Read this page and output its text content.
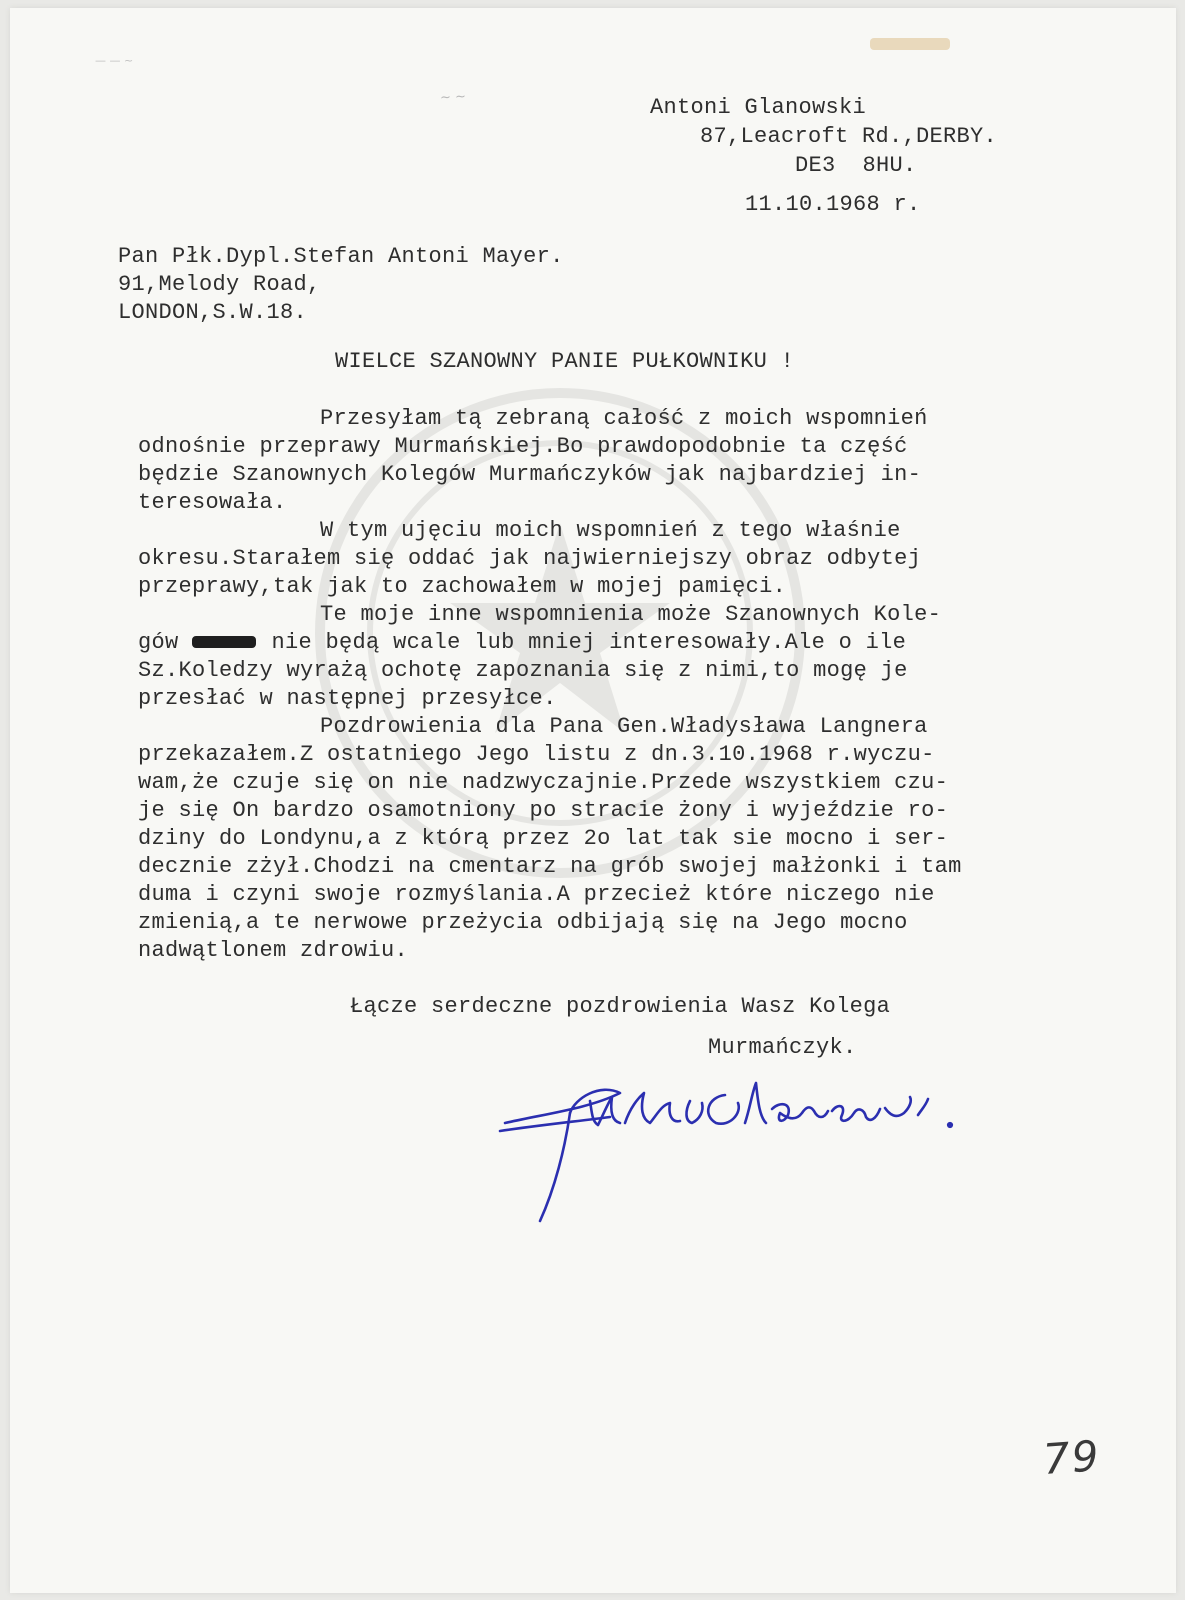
— — ~
~ ~	Antoni Glanowski
87,Leacroft Rd.,DERBY.
DE3  8HU.
11.10.1968 r.
Pan Płk.Dypl.Stefan Antoni Mayer.
91,Melody Road,
LONDON,S.W.18.
WIELCE SZANOWNY PANIE PUŁKOWNIKU !
Przesyłam tą zebraną całość z moich wspomnień
odnośnie przeprawy Murmańskiej.Bo prawdopodobnie ta część
będzie Szanownych Kolegów Murmańczyków jak najbardziej in-
teresowała.
W tym ujęciu moich wspomnień z tego właśnie
okresu.Starałem się oddać jak najwierniejszy obraz odbytej
przeprawy,tak jak to zachowałem w mojej pamięci.
Te moje inne wspomnienia może Szanownych Kole-
gów	nie będą wcale lub mniej interesowały.Ale o ile
Sz.Koledzy wyrażą ochotę zapoznania się z nimi,to mogę je
przesłać w następnej przesyłce.
Pozdrowienia dla Pana Gen.Władysława Langnera
przekazałem.Z ostatniego Jego listu z dn.3.10.1968 r.wyczu-
wam,że czuje się on nie nadzwyczajnie.Przede wszystkiem czu-
je się On bardzo osamotniony po stracie żony i wyjeździe ro-
dziny do Londynu,a z którą przez 2o lat tak sie mocno i ser-
decznie zżył.Chodzi na cmentarz na grób swojej małżonki i tam
duma i czyni swoje rozmyślania.A przecież które niczego nie
zmienią,a te nerwowe przeżycia odbijają się na Jego mocno
nadwątlonem zdrowiu.
Łącze serdeczne pozdrowienia Wasz Kolega
Murmańczyk.
79
